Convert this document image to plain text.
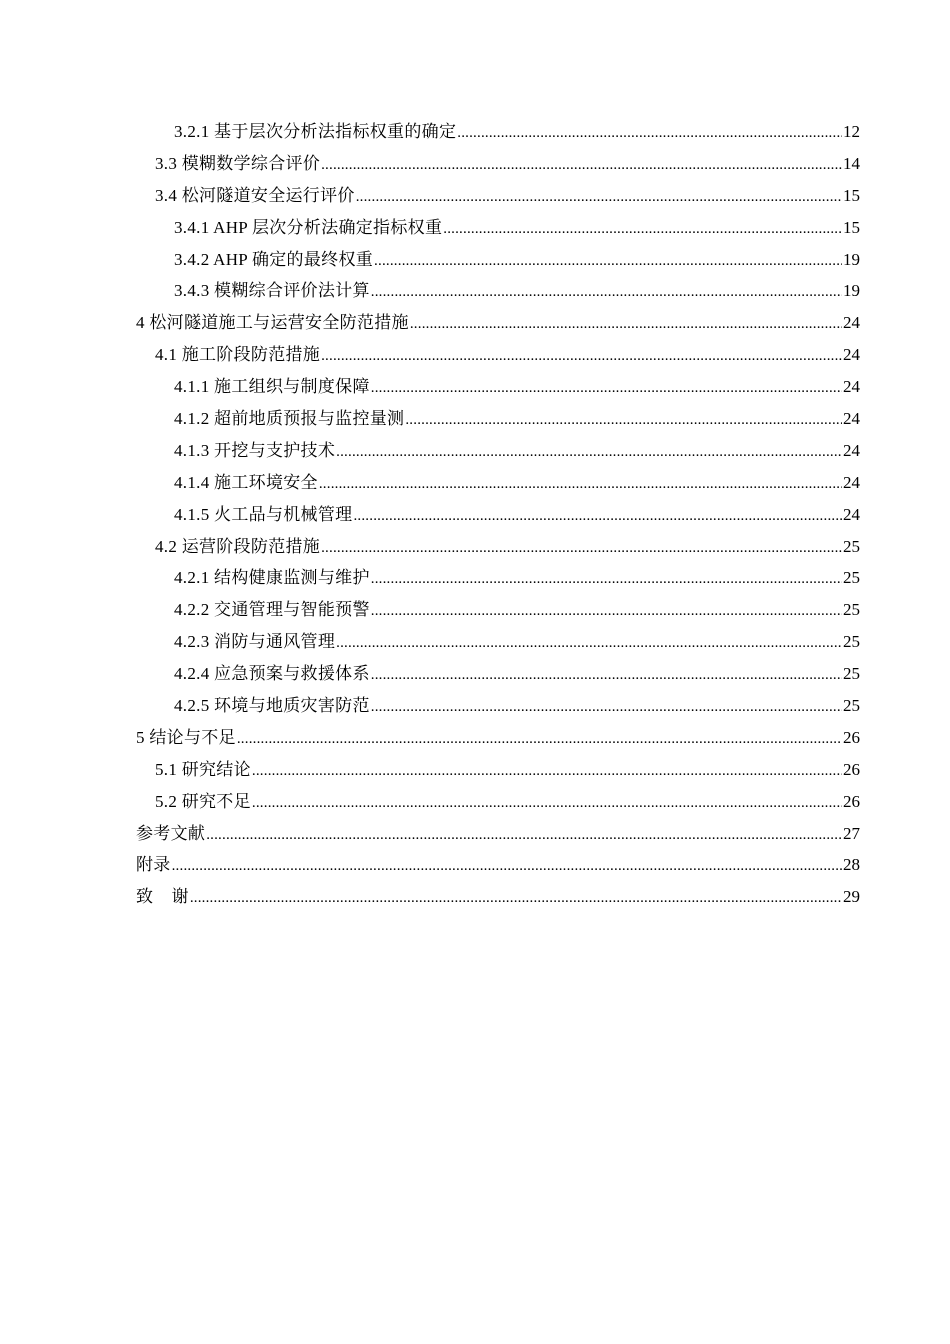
3.2.1 基于层次分析法指标权重的确定 .....	12
3.3 模糊数学综合评价 .....	14
3.4 松河隧道安全运行评价 .....	15
3.4.1 AHP 层次分析法确定指标权重 .....	15
3.4.2 AHP 确定的最终权重 .....	19
3.4.3 模糊综合评价法计算 .....	19
4 松河隧道施工与运营安全防范措施 .....	24
4.1 施工阶段防范措施 .....	24
4.1.1 施工组织与制度保障 .....	24
4.1.2 超前地质预报与监控量测 .....	24
4.1.3 开挖与支护技术 .....	24
4.1.4 施工环境安全 .....	24
4.1.5 火工品与机械管理 .....	24
4.2 运营阶段防范措施 .....	25
4.2.1 结构健康监测与维护 .....	25
4.2.2 交通管理与智能预警 .....	25
4.2.3 消防与通风管理 .....	25
4.2.4 应急预案与救援体系 .....	25
4.2.5 环境与地质灾害防范 .....	25
5 结论与不足 .....	26
5.1 研究结论 .....	26
5.2 研究不足 .....	26
参考文献 .....	27
附录 .....	28
致    谢 .....	29
